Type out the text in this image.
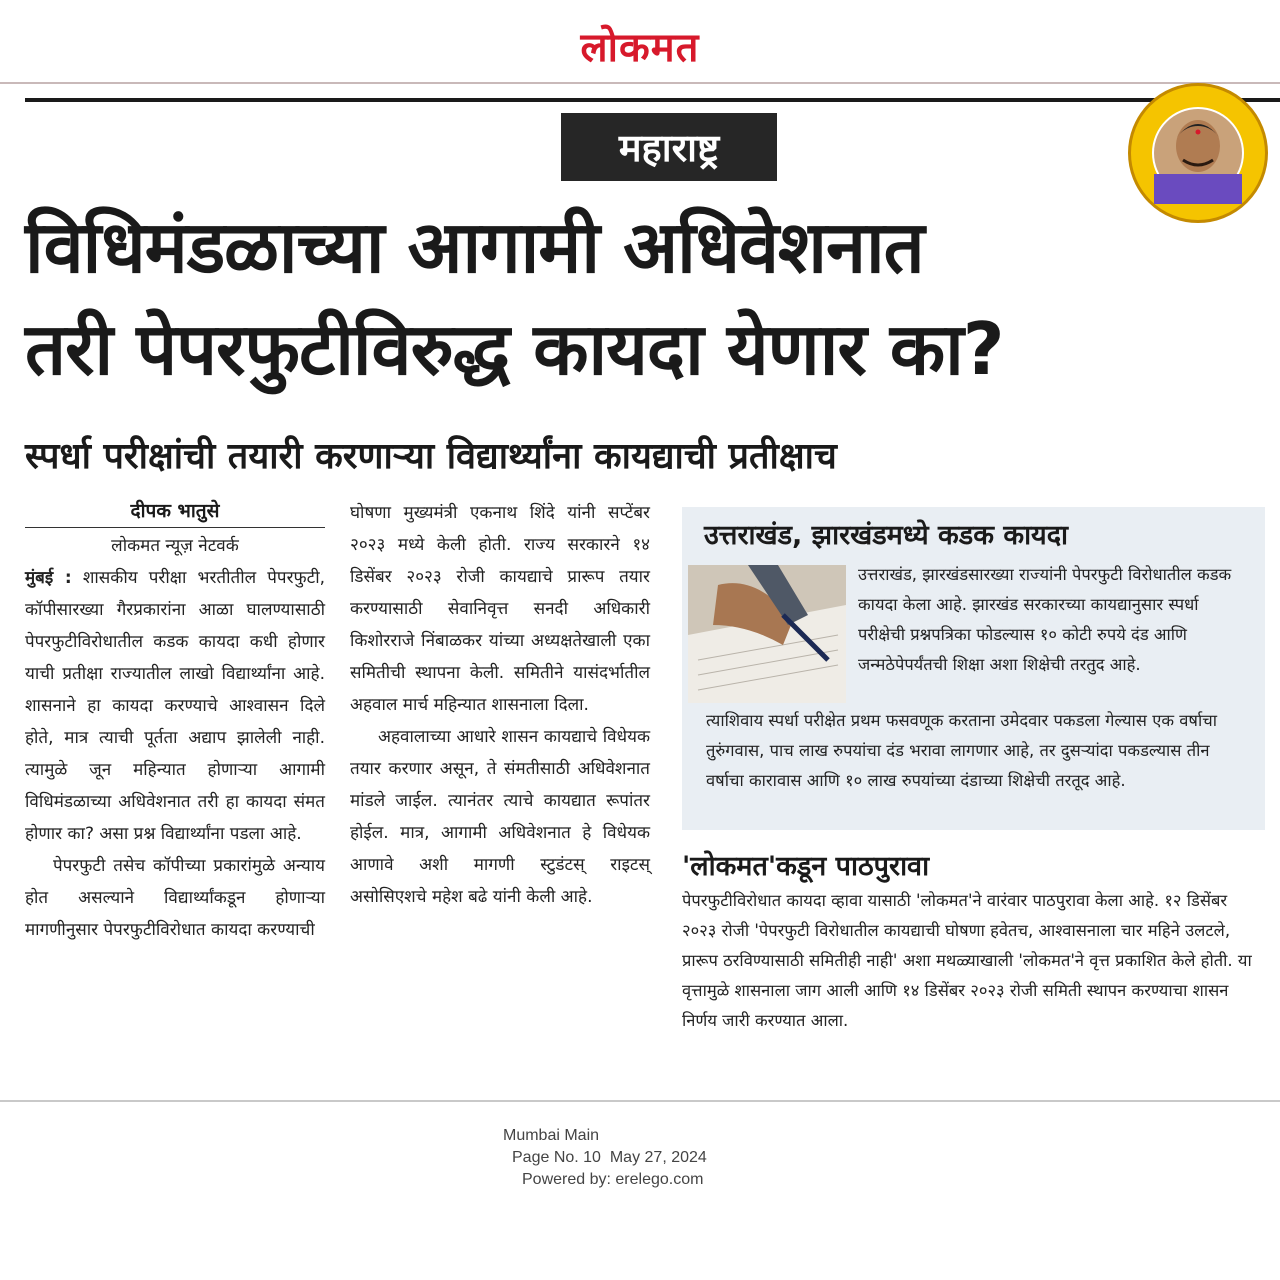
लोकमत
महाराष्ट्र
विधिमंडळाच्या आगामी अधिवेशनात
तरी पेपरफुटीविरुद्ध कायदा येणार का?
स्पर्धा परीक्षांची तयारी करणाऱ्या विद्यार्थ्यांना कायद्याची प्रतीक्षाच
दीपक भातुसे
लोकमत न्यूज़ नेटवर्क

मुंबई : शासकीय परीक्षा भरतीतील पेपरफुटी, कॉपीसारख्या गैरप्रकारांना आळा घालण्यासाठी पेपरफुटीविरोधातील कडक कायदा कधी होणार याची प्रतीक्षा राज्यातील लाखो विद्यार्थ्यांना आहे. शासनाने हा कायदा करण्याचे आश्वासन दिले होते, मात्र त्याची पूर्तता अद्याप झालेली नाही. त्यामुळे जून महिन्यात होणाऱ्या आगामी विधिमंडळाच्या अधिवेशनात तरी हा कायदा संमत होणार का? असा प्रश्न विद्यार्थ्यांना पडला आहे.

पेपरफुटी तसेच कॉपीच्या प्रकारांमुळे अन्याय होत असल्याने विद्यार्थ्यांकडून होणाऱ्या मागणीनुसार पेपरफुटीविरोधात कायदा करण्याची

घोषणा मुख्यमंत्री एकनाथ शिंदे यांनी सप्टेंबर २०२३ मध्ये केली होती. राज्य सरकारने १४ डिसेंबर २०२३ रोजी कायद्याचे प्रारूप तयार करण्यासाठी सेवानिवृत्त सनदी अधिकारी किशोरराजे निंबाळकर यांच्या अध्यक्षतेखाली एका समितीची स्थापना केली. समितीने यासंदर्भातील अहवाल मार्च महिन्यात शासनाला दिला.

अहवालाच्या आधारे शासन कायद्याचे विधेयक तयार करणार असून, ते संमतीसाठी अधिवेशनात मांडले जाईल. त्यानंतर त्याचे कायद्यात रूपांतर होईल. मात्र, आगामी अधिवेशनात हे विधेयक आणावे अशी मागणी स्टुडंटस् राइटस् असोसिएशचे महेश बढे यांनी केली आहे.

उत्तराखंड, झारखंडमध्ये कडक कायदा
उत्तराखंड, झारखंडसारख्या राज्यांनी पेपरफुटी विरोधातील कडक कायदा केला आहे. झारखंड सरकारच्या कायद्यानुसार स्पर्धा परीक्षेची प्रश्नपत्रिका फोडल्यास १० कोटी रुपये दंड आणि जन्मठेपेपर्यंतची शिक्षा अशा शिक्षेची तरतुद आहे.
त्याशिवाय स्पर्धा परीक्षेत प्रथम फसवणूक करताना उमेदवार पकडला गेल्यास एक वर्षाचा तुरुंगवास, पाच लाख रुपयांचा दंड भरावा लागणार आहे, तर दुसऱ्यांदा पकडल्यास तीन वर्षाचा कारावास आणि १० लाख रुपयांच्या दंडाच्या शिक्षेची तरतूद आहे.
'लोकमत'कडून पाठपुरावा
पेपरफुटीविरोधात कायदा व्हावा यासाठी 'लोकमत'ने वारंवार पाठपुरावा केला आहे. १२ डिसेंबर २०२३ रोजी 'पेपरफुटी विरोधातील कायद्याची घोषणा हवेतच, आश्वासनाला चार महिने उलटले, प्रारूप ठरविण्यासाठी समितीही नाही' अशा मथळ्याखाली 'लोकमत'ने वृत्त प्रकाशित केले होती. या वृत्तामुळे शासनाला जाग आली आणि १४ डिसेंबर २०२३ रोजी समिती स्थापन करण्याचा शासन निर्णय जारी करण्यात आला.
Mumbai Main
Page No. 10  May 27, 2024
Powered by: erelego.com
